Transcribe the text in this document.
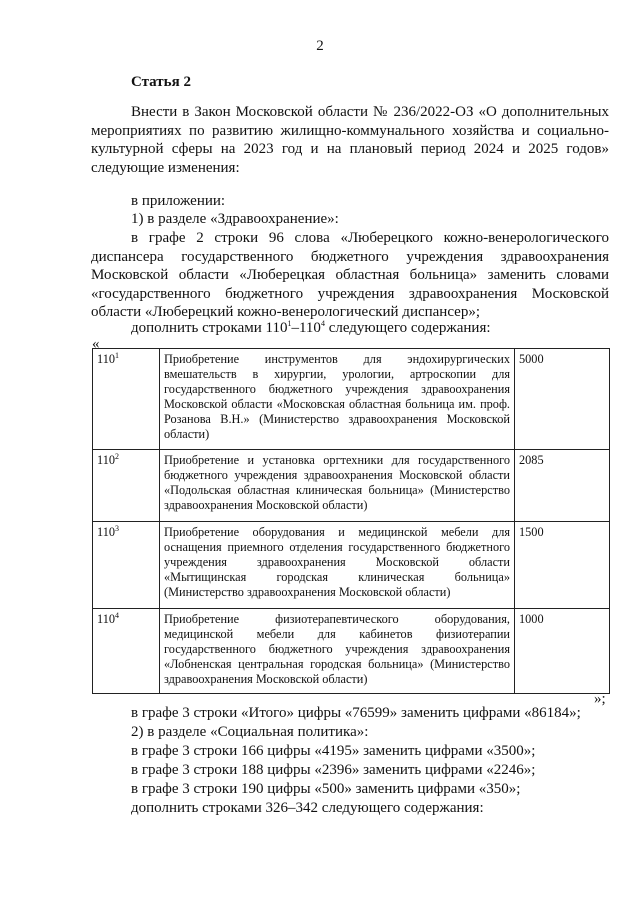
2
Статья 2
Внести в Закон Московской области № 236/2022-ОЗ «О дополнительных
мероприятиях по развитию жилищно-коммунального хозяйства и социально-
культурной сферы на 2023 год и на плановый период 2024 и 2025 годов»
следующие изменения:
в приложении:
1) в разделе «Здравоохранение»:
в графе 2 строки 96 слова «Люберецкого кожно-венерологического
диспансера государственного бюджетного учреждения здравоохранения
Московской области «Люберецкая областная больница» заменить словами
«государственного бюджетного учреждения здравоохранения Московской
области «Люберецкий кожно-венерологический диспансер»;
дополнить строками $110^1-110^4$ следующего содержания:
«
$110^1$	Приобретение инструментов для эндохирургических вмешательств в хирургии, урологии, артроскопии для государственного бюджетного учреждения здравоохранения Московской области «Московская областная больница им. проф. Розанова В.Н.» (Министерство здравоохранения Московской области)	5000
$110^2$	Приобретение и установка оргтехники для государственного бюджетного учреждения здравоохранения Московской области «Подольская областная клиническая больница» (Министерство здравоохранения Московской области)	2085
$110^3$	Приобретение оборудования и медицинской мебели для оснащения приемного отделения государственного бюджетного учреждения здравоохранения Московской области «Мытищинская городская клиническая больница» (Министерство здравоохранения Московской области)	1500
$110^4$	Приобретение физиотерапевтического оборудования, медицинской мебели для кабинетов физиотерапии государственного бюджетного учреждения здравоохранения «Лобненская центральная городская больница» (Министерство здравоохранения Московской области)	1000
»;
в графе 3 строки «Итого» цифры «76599» заменить цифрами «86184»;
2) в разделе «Социальная политика»:
в графе 3 строки 166 цифры «4195» заменить цифрами «3500»;
в графе 3 строки 188 цифры «2396» заменить цифрами «2246»;
в графе 3 строки 190 цифры «500» заменить цифрами «350»;
дополнить строками 326–342 следующего содержания:
